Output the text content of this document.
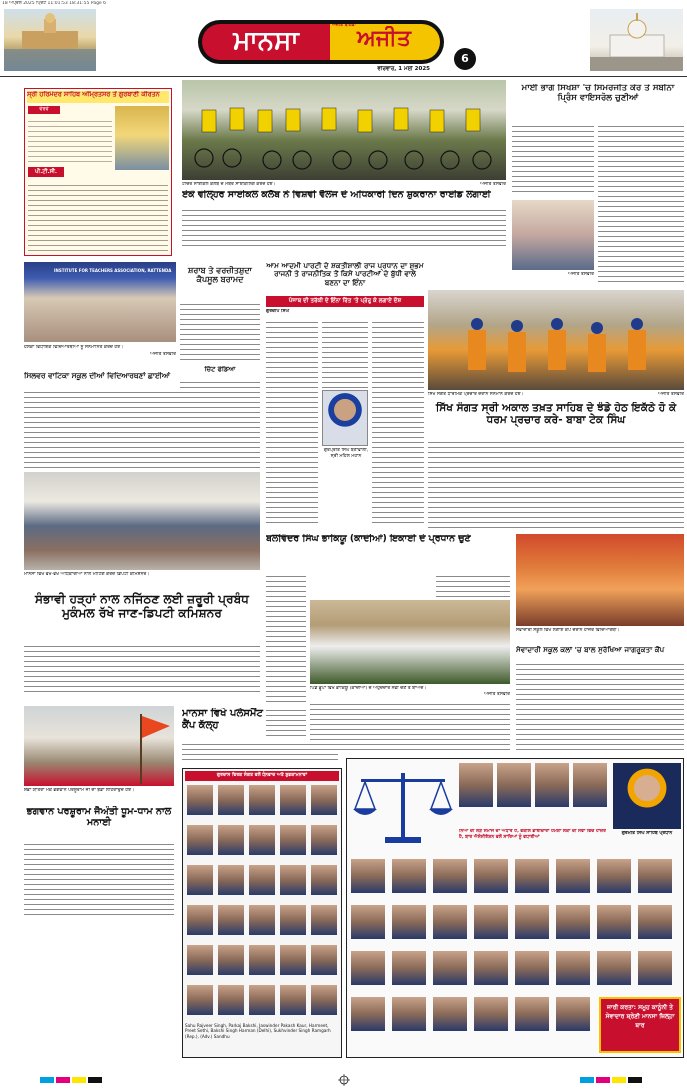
18 ਅਪ੍ਰੈਲ 2025 ਪ੍ਰਿੰਟ 11:01:53 18:31:55 Page 6
ਮਾਨਸਾ
ਅਜੀਤ ਬਠਿੰਡਾ
ਅਜੀਤ
ਵੀਰਵਾਰ, 1 ਮਈ 2025
6
ਸ੍ਰੀ ਹਰਿਮੰਦਰ ਸਾਹਿਬ ਅੰਮ੍ਰਿਤਸਰ ਤੋਂ ਗੁਰਬਾਣੀ ਕੀਰਤਨ
ਵੇਰਵੇ
ਪੀ.ਟੀ.ਸੀ.
ਟੀਚਰ ਸਾਈਕਲ ਕਲੱਬ ਦੇ ਮੈਂਬਰ ਸਾਈਕਲਿੰਗ ਕਰਦੇ ਹੋਏ।	ਅਜੀਤ ਤਸਵੀਰ
ਏਕੋ ਵੀਲ੍ਹਰ ਸਾਈਕਲ ਕਲੱਬ ਨੇ ਵਿਸ਼ਵੀ ਵੈਲਜ ਦੇ ਅਧਿਕਾਰੀ ਦਿਨ ਸ਼ੁਕਰਾਨਾ ਰਾਈਡ ਲਗਾਈ
ਮਾਈ ਭਾਗੋ ਸਿਖਸ਼ਾ 'ਚ ਸਿਮਰਜੀਤ ਕੌਰ ਤੇ ਸਬੀਨਾ ਪ੍ਰਿੰਸ ਵਾਇਸਰੋਲ ਚੁਣੀਆਂ
ਅਜੀਤ ਤਸਵੀਰ
INSTITUTE FOR TEACHERS ASSOCIATION, RATTENDA
ਹਲਕਾ ਵਿਧਾਇਕ ਵਿਦਿਆਰਥੀਆਂ ਨੂੰ ਸਨਮਾਨਿਤ ਕਰਦੇ ਹੋਏ।
ਅਜੀਤ ਤਸਵੀਰ
ਸ਼ਰਾਬ ਤੇ ਵਰਜ਼ੀਤਸ਼ੁਦਾ ਕੈਪਸੂਲ ਬਰਾਮਦ
ਚਿੱਟ ਫੰਡਿਆ
ਆਮ ਆਦਮੀ ਪਾਰਟੀ ਦੇ ਸ਼ਕਤੀਸ਼ਾਲੀ ਰਾਜ ਪ੍ਰਧਾਨ ਦਾ ਸ਼ੁਭਮ ਰਾਜਨੀ ਤੇ ਰਾਜਨੀਤਿਕ ਤੋਂ ਕਿਸੇ ਪਾਰਟੀਆਂ ਦੇ ਬੁੱਧੀ ਵਾਲੇ ਬਣਨਾ ਦਾ ਇੰਨਾ
ਪੰਜਾਬ ਦੀ ਤਰੱਕੀ ਦੇ ਇੰਨਾ ਰਿੱਤ 'ਤੇ ਪ੍ਰੇਰੂ ਕੇ ਲਗਾਏ ਦੋਸ਼
ਗੁਰਦੀਪ ਸਿੰਘ
ਗੁਰਪ੍ਰੀਤ ਸਿੰਘ ਬਣਾਂਵਾਲੀ, ਸ੍ਰੀ ਮਹਿਲ ਮਹਾਨ
ਸਿੱਖ ਸੰਗਤ ਧਾਰਮਿਕ ਪ੍ਰਚਾਰ ਦੌਰਾਨ ਸਨਮਾਨ ਕਰਦੇ ਹੋਏ।	ਅਜੀਤ ਤਸਵੀਰ
ਸਿੱਖ ਸੰਗਤ ਸ੍ਰੀ ਅਕਾਲ ਤਖ਼ਤ ਸਾਹਿਬ ਦੇ ਝੰਡੇ ਹੇਠ ਇਕੱਠੇ ਹੋ ਕੇ ਧਰਮ ਪ੍ਰਚਾਰ ਕਰੇ- ਬਾਬਾ ਟੇਕ ਸਿੰਘ
ਸਿਲਵਰ ਵਾਟਿਕਾ ਸਕੂਲ ਦੀਆਂ ਵਿਦਿਆਰਥਣਾਂ ਛਾਈਆਂ
ਮਾਨਸਾ ਵਿਖੇ ਵੱਖ-ਵੱਖ ਅਧਿਕਾਰੀਆਂ ਨਾਲ ਮੀਟਿੰਗ ਕਰਦੇ ਡਿਪਟੀ ਕਮਿਸ਼ਨਰ।
ਸੰਭਾਵੀ ਹੜ੍ਹਾਂ ਨਾਲ ਨਜਿੱਠਣ ਲਈ ਜ਼ਰੂਰੀ ਪ੍ਰਬੰਧ ਮੁਕੰਮਲ ਰੱਖੇ ਜਾਣ-ਡਿਪਟੀ ਕਮਿਸ਼ਨਰ
ਬਲਵਿੰਦਰ ਸਿੰਘ ਭਾਕਿਯੂ (ਕਾਦੀਆਂ) ਇਕਾਈ ਦੇ ਪ੍ਰਧਾਨ ਚੁਣੇ
ਪਿੰਡ ਭੂਪਾ ਵਿਖੇ ਭਾਕਿਯੂ (ਕਾਦੀਆਂ) ਦੇ ਅਹੁਦੇਦਾਰ ਨਵੀਂ ਚੋਣ ਤੋਂ ਬਾਅਦ।
ਅਜੀਤ ਤਸਵੀਰ
ਸੇਵਾਦਾਰੀ ਸਕੂਲ ਵਿਖੇ ਲਗਾਏ ਕੈਂਪ ਦੌਰਾਨ ਹਾਜ਼ਰ ਵਿਦਿਆਰਥੀ।
ਸੇਵਾਦਾਰੀ ਸਕੂਲ ਕਲਾਂ 'ਚ ਬਾਲ ਸੁਰੱਖਿਆ ਜਾਗਰੂਕਤਾ ਕੈਂਪ
ਸ਼ੋਭਾ ਯਾਤਰਾ ਮੌਕੇ ਭਗਵਾਨ ਪਰਸ਼ੂਰਾਮ ਜੀ ਦਾ ਝੰਡਾ ਲਹਿਰਾਉਂਦੇ ਹੋਏ।
ਭਗਵਾਨ ਪਰਸ਼ੂਰਾਮ ਜੈਅੰਤੀ ਧੂਮ-ਧਾਮ ਨਾਲ ਮਨਾਈ
ਮਾਨਸਾ ਵਿਖੇ ਪਲੇਸਮੈਂਟ ਕੈਂਪ ਕੱਲ੍ਹ
ਗੁਰਦਾਸ ਵਿਰਕ ਸੰਗਤ ਵਲੋਂ ਧੰਨਵਾਦ ਅਤੇ ਸ਼ੁਭਕਾਮਨਾਵਾਂ
Sahu Rajveer Singh, Parkaj Bakshi, Jaswinder Pakash Kaur, Harmeet, Preet Sethi, Bakshi Singh Harman (Delhi), Sukhvinder Singh Ramgarh (Rep.), (Adv.) Sandhu
ਗੁਰਮੀਤ ਸਿੰਘ ਸਾਹਿਬ ਪ੍ਰਧਾਨ
ਨਿਆਂ ਦੀ ਲੋੜ ਸਮਾਜ ਦਾ ਅਧਾਰ ਹੈ, ਵਕੀਲ ਭਾਈਚਾਰਾ ਹਮੇਸ਼ਾ ਲੋਕਾਂ ਦੀ ਸੇਵਾ ਵਿਚ ਹਾਜ਼ਰ ਹੈ, ਬਾਰ ਐਸੋਸੀਏਸ਼ਨ ਵਲੋਂ ਸਾਰਿਆਂ ਨੂੰ ਵਧਾਈਆਂ
ਜਾਰੀ ਕਰਤਾ: ਸਮੂਹ ਕਾਨੂੰਨੀ ਤੇ ਸੇਵਾਦਾਰ ਸ਼੍ਰੇਣੀ ਮਾਨਸਾ ਜ਼ਿਲ੍ਹਾ ਬਾਰ
